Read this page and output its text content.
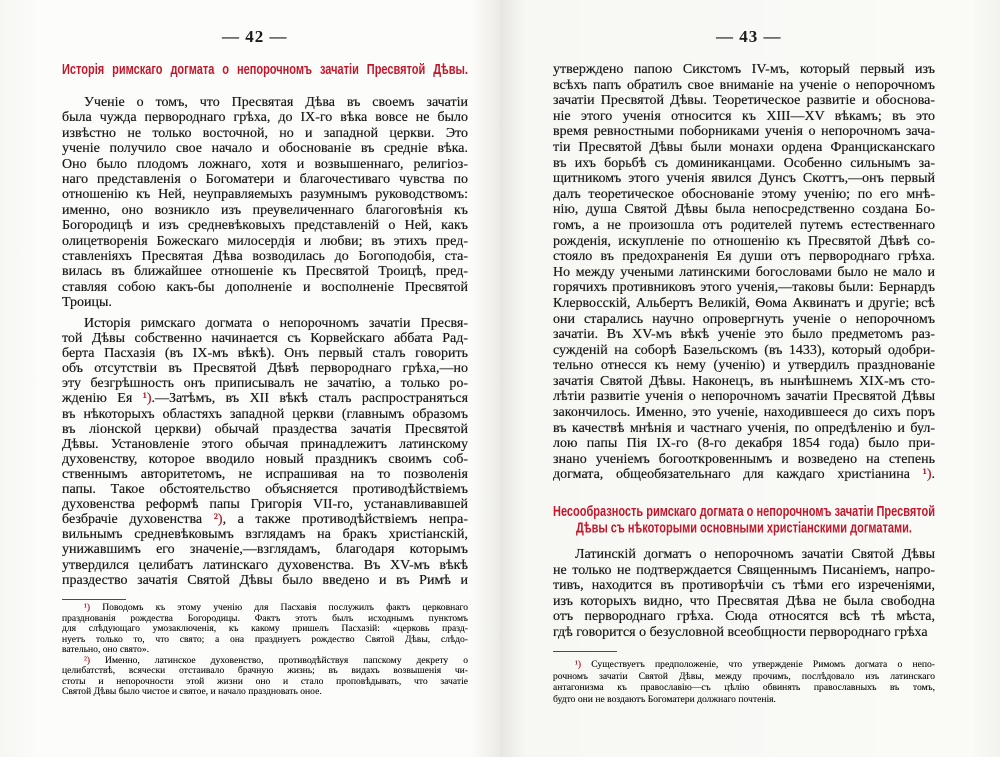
— 42 —
Исторія римскаго догмата о непорочномъ зачатіи Пресвятой Дѣвы.
Ученіе о томъ, что Пресвятая Дѣва въ своемъ зачатіи
была чужда первороднаго грѣха, до IX-го вѣка вовсе не было
извѣстно не только восточной, но и западной церкви. Это
ученіе получило свое начало и обоснованіе въ средніе вѣка.
Оно было плодомъ ложнаго, хотя и возвышеннаго, религіоз-
наго представленія о Богоматери и благочестиваго чувства по
отношенію къ Ней, неуправляемыхъ разумнымъ руководствомъ:
именно, оно возникло изъ преувеличеннаго благоговѣнія къ
Богородицѣ и изъ средневѣковыхъ представленій о Ней, какъ
олицетворенія Божескаго милосердія и любви; въ этихъ пред-
ставленіяхъ Пресвятая Дѣва возводилась до Богоподобія, ста-
вилась въ ближайшее отношеніе къ Пресвятой Троицѣ, пред-
ставляя собою какъ-бы дополненіе и восполненіе Пресвятой
Троицы.
Исторія римскаго догмата о непорочномъ зачатіи Пресвя-
той Дѣвы собственно начинается съ Корвейскаго аббата Рад-
берта Пасхазія (въ IX-мъ вѣкѣ). Онъ первый сталъ говорить
объ отсутствіи въ Пресвятой Дѣвѣ первороднаго грѣха,—но
эту безгрѣшность онъ приписывалъ не зачатію, а только ро-
жденію Ея ¹).—Затѣмъ, въ XII вѣкѣ сталъ распространяться
въ нѣкоторыхъ областяхъ западной церкви (главнымъ образомъ
въ ліонской церкви) обычай праздества зачатія Пресвятой
Дѣвы. Установленіе этого обычая принадлежитъ латинскому
духовенству, которое вводило новый праздникъ своимъ соб-
ственнымъ авторитетомъ, не испрашивая на то позволенія
папы. Такое обстоятельство объясняется противодѣйствіемъ
духовенства реформѣ папы Григорія VII-го, устанавливавшей
безбрачіе духовенства ²), а также противодѣйствіемъ непра-
вильнымъ средневѣковымъ взглядамъ на бракъ христіанскій,
унижавшимъ его значеніе,—взглядамъ, благодаря которымъ
утвердился целибатъ латинскаго духовенства. Въ XV-мъ вѣкѣ
праздество зачатія Святой Дѣвы было введено и въ Римѣ и
¹) Поводомъ къ этому ученію для Пасхавія послужилъ фактъ церковнаго
празднованія рождества Богородицы. Фактъ этотъ былъ исходнымъ пунктомъ
для слѣдующаго умозаключенія, къ какому пришелъ Пасхазій: «церковь празд-
нуетъ только то, что свято; а она празднуетъ рождество Святой Дѣвы, слѣдо-
вательно, оно свято».
²) Именно, латинское духовенство, противодѣйствуя папскому декрету о
целибатствѣ, всячески отстаивало брачную жизнь; въ видахъ возвышенія чи-
стоты и непорочности этой жизни оно и стало проповѣдывать, что зачатіе
Святой Дѣвы было чистое и святое, и начало праздновать оное.
— 43 —
утверждено папою Сикстомъ IV-мъ, который первый изъ
всѣхъ папъ обратилъ свое вниманіе на ученіе о непорочномъ
зачатіи Пресвятой Дѣвы. Теоретическое развитіе и обоснова-
ніе этого ученія относится къ XIII—XV вѣкамъ; въ это
время ревностными поборниками ученія о непорочномъ зача-
тіи Пресвятой Дѣвы были монахи ордена Францисканскаго
въ ихъ борьбѣ съ доминиканцами. Особенно сильнымъ за-
щитникомъ этого ученія явился Дунсъ Скоттъ,—онъ первый
далъ теоретическое обоснованіе этому ученію; по его мнѣ-
нію, душа Святой Дѣвы была непосредственно создана Бо-
гомъ, а не произошла отъ родителей путемъ естественнаго
рожденія, искупленіе по отношенію къ Пресвятой Дѣвѣ со-
стояло въ предохраненія Ея души отъ первороднаго грѣха.
Но между учеными латинскими богословами было не мало и
горячихъ противниковъ этого ученія,—таковы были: Бернардъ
Клервосскій, Альбертъ Великій, Ѳома Аквинатъ и другіе; всѣ
они старались научно опровергнуть ученіе о непорочномъ
зачатіи. Въ XV-мъ вѣкѣ ученіе это было предметомъ раз-
сужденій на соборѣ Базельскомъ (въ 1433), который одобри-
тельно отнесся къ нему (ученію) и утвердилъ празднованіе
зачатія Святой Дѣвы. Наконецъ, въ нынѣшнемъ XIX-мъ сто-
лѣтіи развитіе ученія о непорочномъ зачатіи Пресвятой Дѣвы
закончилось. Именно, это ученіе, находившееся до сихъ поръ
въ качествѣ мнѣнія и частнаго ученія, по опредѣленію и бул-
лою папы Пія IX-го (8-го декабря 1854 года) было при-
знано ученіемъ богооткровеннымъ и возведено на степень
догмата, общеобязательнаго для каждаго христіанина ¹).
Несообразность римскаго догмата о непорочномъ зачатіи Пресвятой
Дѣвы съ нѣкоторыми основными христіанскими догматами.
Латинскій догматъ о непорочномъ зачатіи Святой Дѣвы
не только не подтверждается Священнымъ Писаніемъ, напро-
тивъ, находится въ противорѣчіи съ тѣми его изреченіями,
изъ которыхъ видно, что Пресвятая Дѣва не была свободна
отъ первороднаго грѣха. Сюда относятся всѣ тѣ мѣста,
гдѣ говорится о безусловной всеобщности первороднаго грѣха
¹) Существуетъ предположеніе, что утвержденіе Римомъ догмата о непо-
рочномъ зачатіи Святой Дѣвы, между прочимъ, послѣдовало изъ латинскаго
антагонизма къ православію—съ цѣлію обвинять православныхъ въ томъ,
будто они не воздаютъ Богоматери должнаго почтенія.
